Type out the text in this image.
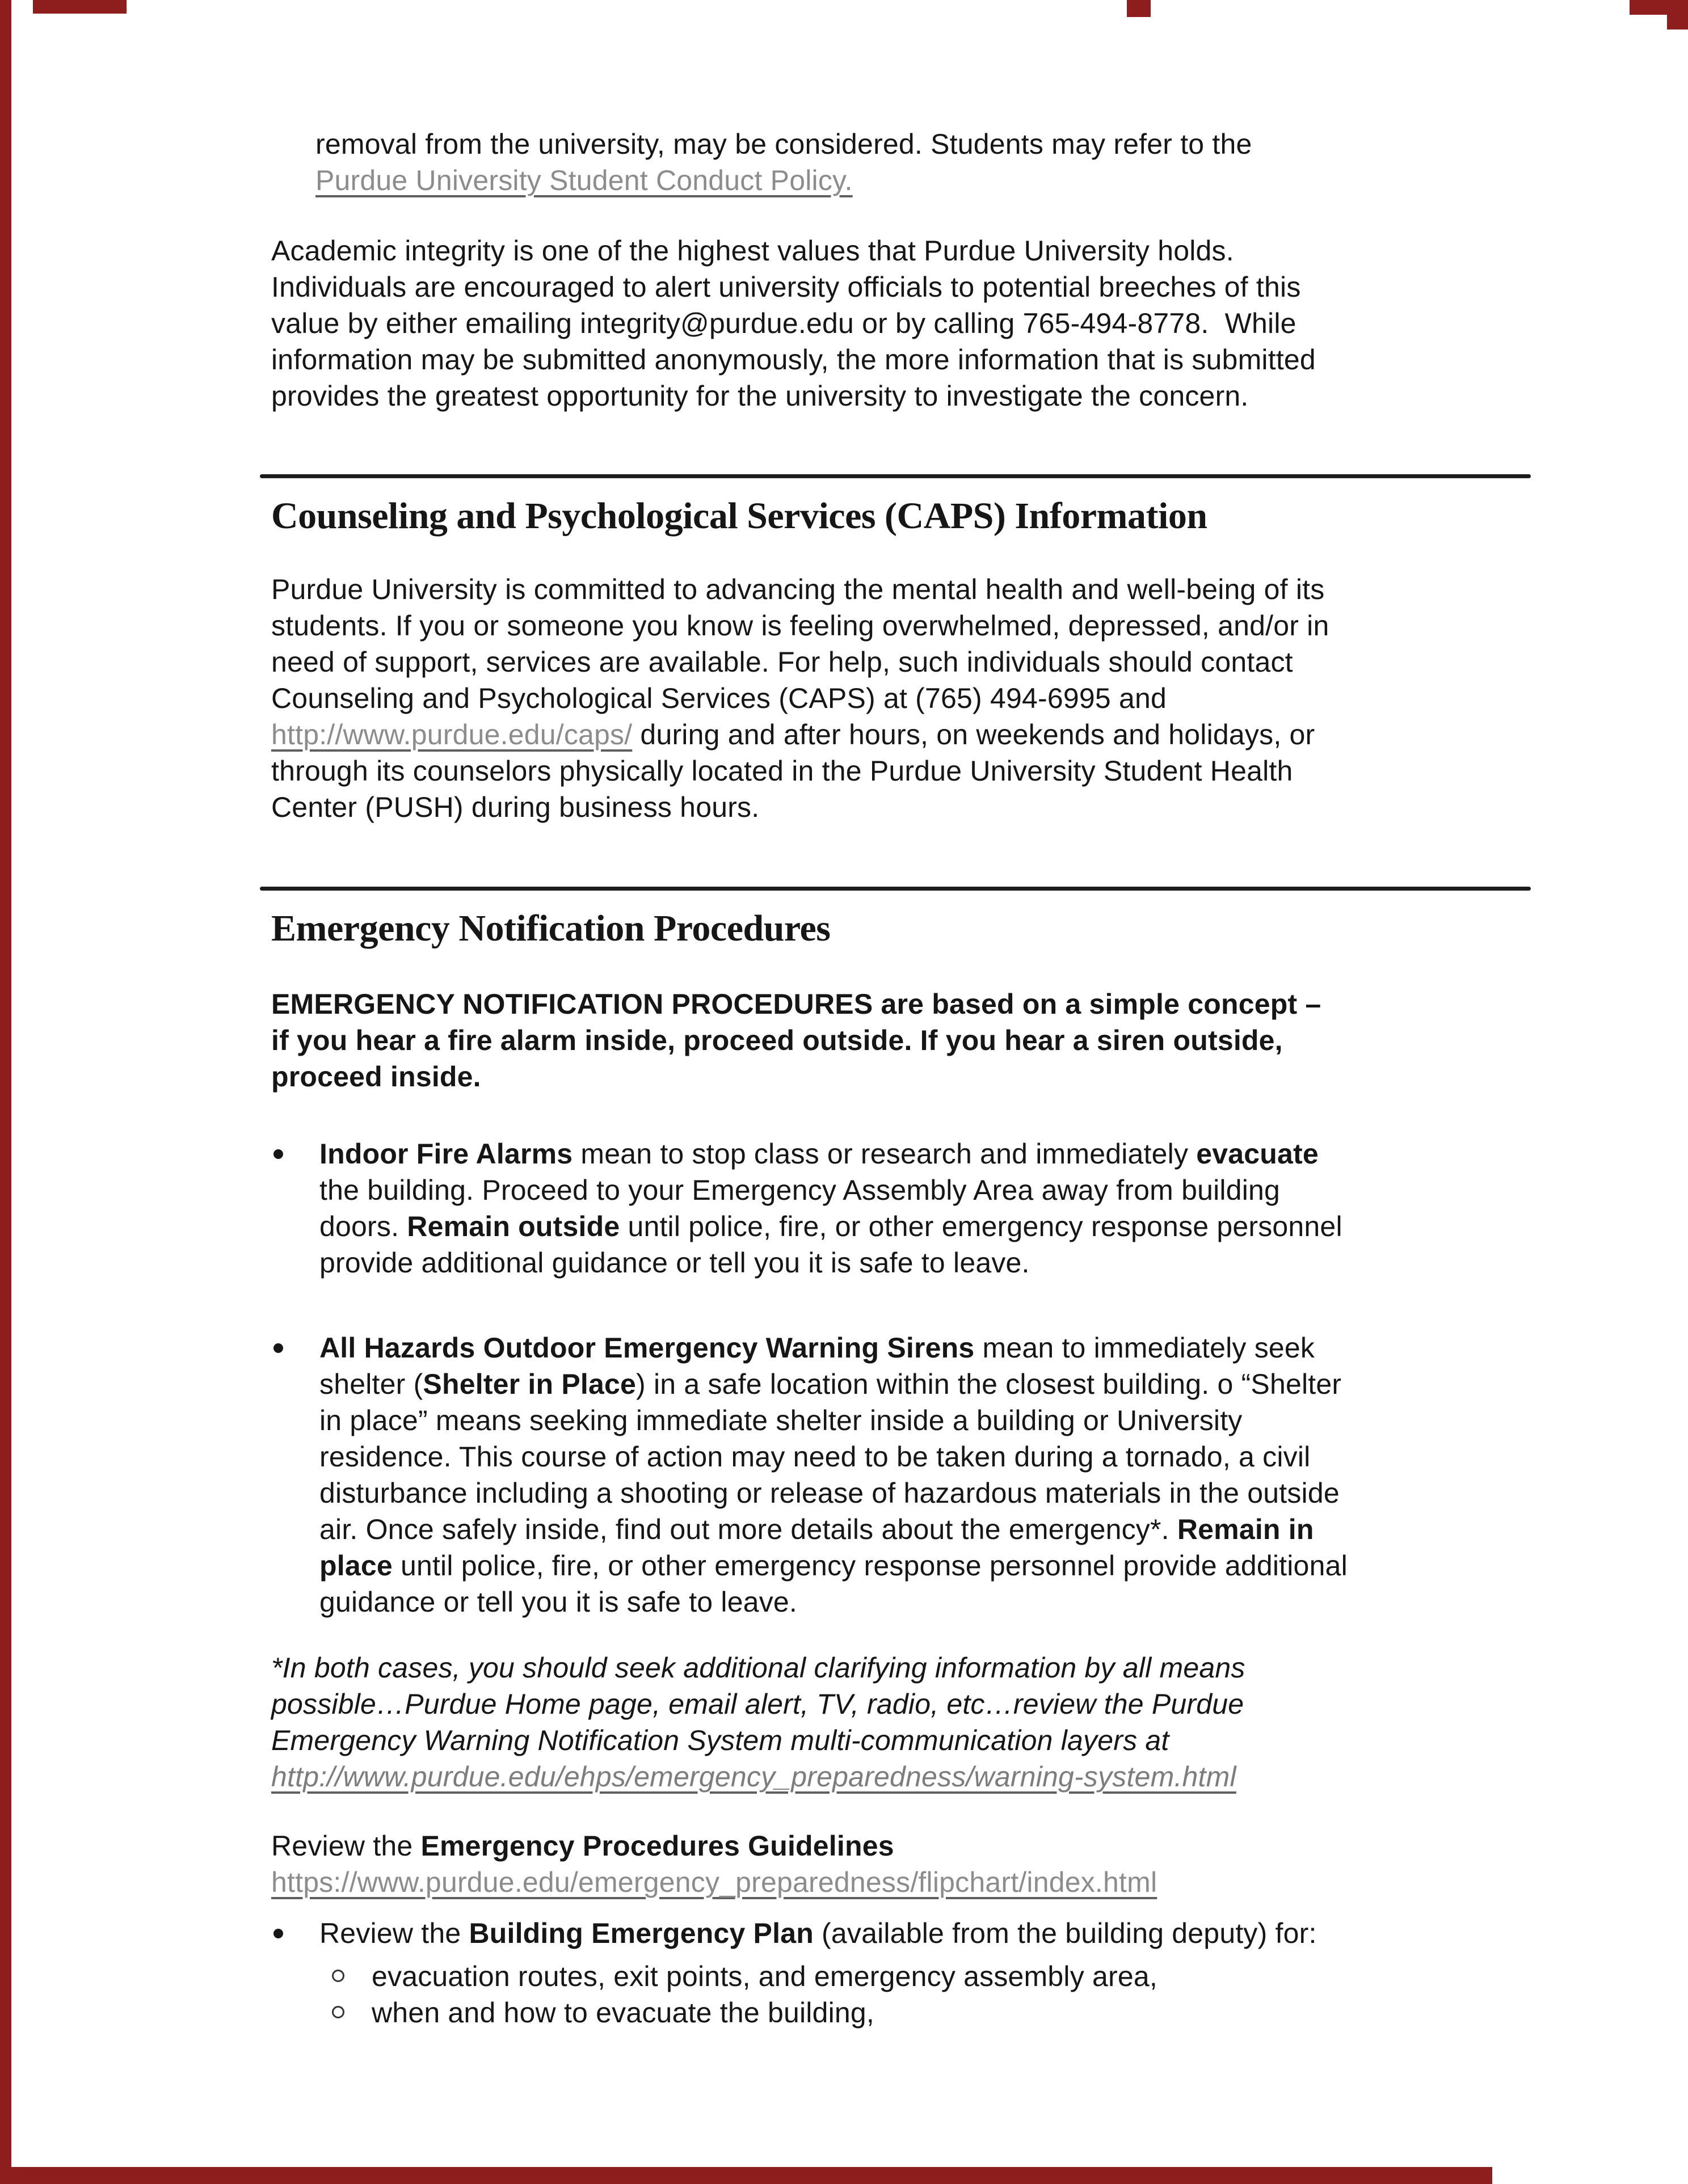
removal from the university, may be considered. Students may refer to the
Purdue University Student Conduct Policy.
Academic integrity is one of the highest values that Purdue University holds.
Individuals are encouraged to alert university officials to potential breeches of this
value by either emailing integrity@purdue.edu or by calling 765-494-8778.  While
information may be submitted anonymously, the more information that is submitted
provides the greatest opportunity for the university to investigate the concern.
Counseling and Psychological Services (CAPS) Information
Purdue University is committed to advancing the mental health and well-being of its
students. If you or someone you know is feeling overwhelmed, depressed, and/or in
need of support, services are available. For help, such individuals should contact
Counseling and Psychological Services (CAPS) at (765) 494-6995 and
http://www.purdue.edu/caps/ during and after hours, on weekends and holidays, or
through its counselors physically located in the Purdue University Student Health
Center (PUSH) during business hours.
Emergency Notification Procedures
EMERGENCY NOTIFICATION PROCEDURES are based on a simple concept –
if you hear a fire alarm inside, proceed outside. If you hear a siren outside,
proceed inside.
Indoor Fire Alarms mean to stop class or research and immediately evacuate
the building. Proceed to your Emergency Assembly Area away from building
doors. Remain outside until police, fire, or other emergency response personnel
provide additional guidance or tell you it is safe to leave.
All Hazards Outdoor Emergency Warning Sirens mean to immediately seek
shelter (Shelter in Place) in a safe location within the closest building. o “Shelter
in place” means seeking immediate shelter inside a building or University
residence. This course of action may need to be taken during a tornado, a civil
disturbance including a shooting or release of hazardous materials in the outside
air. Once safely inside, find out more details about the emergency*. Remain in
place until police, fire, or other emergency response personnel provide additional
guidance or tell you it is safe to leave.
*In both cases, you should seek additional clarifying information by all means
possible…Purdue Home page, email alert, TV, radio, etc…review the Purdue
Emergency Warning Notification System multi-communication layers at
http://www.purdue.edu/ehps/emergency_preparedness/warning-system.html
Review the Emergency Procedures Guidelines
https://www.purdue.edu/emergency_preparedness/flipchart/index.html
Review the Building Emergency Plan (available from the building deputy) for:
evacuation routes, exit points, and emergency assembly area,
when and how to evacuate the building,
